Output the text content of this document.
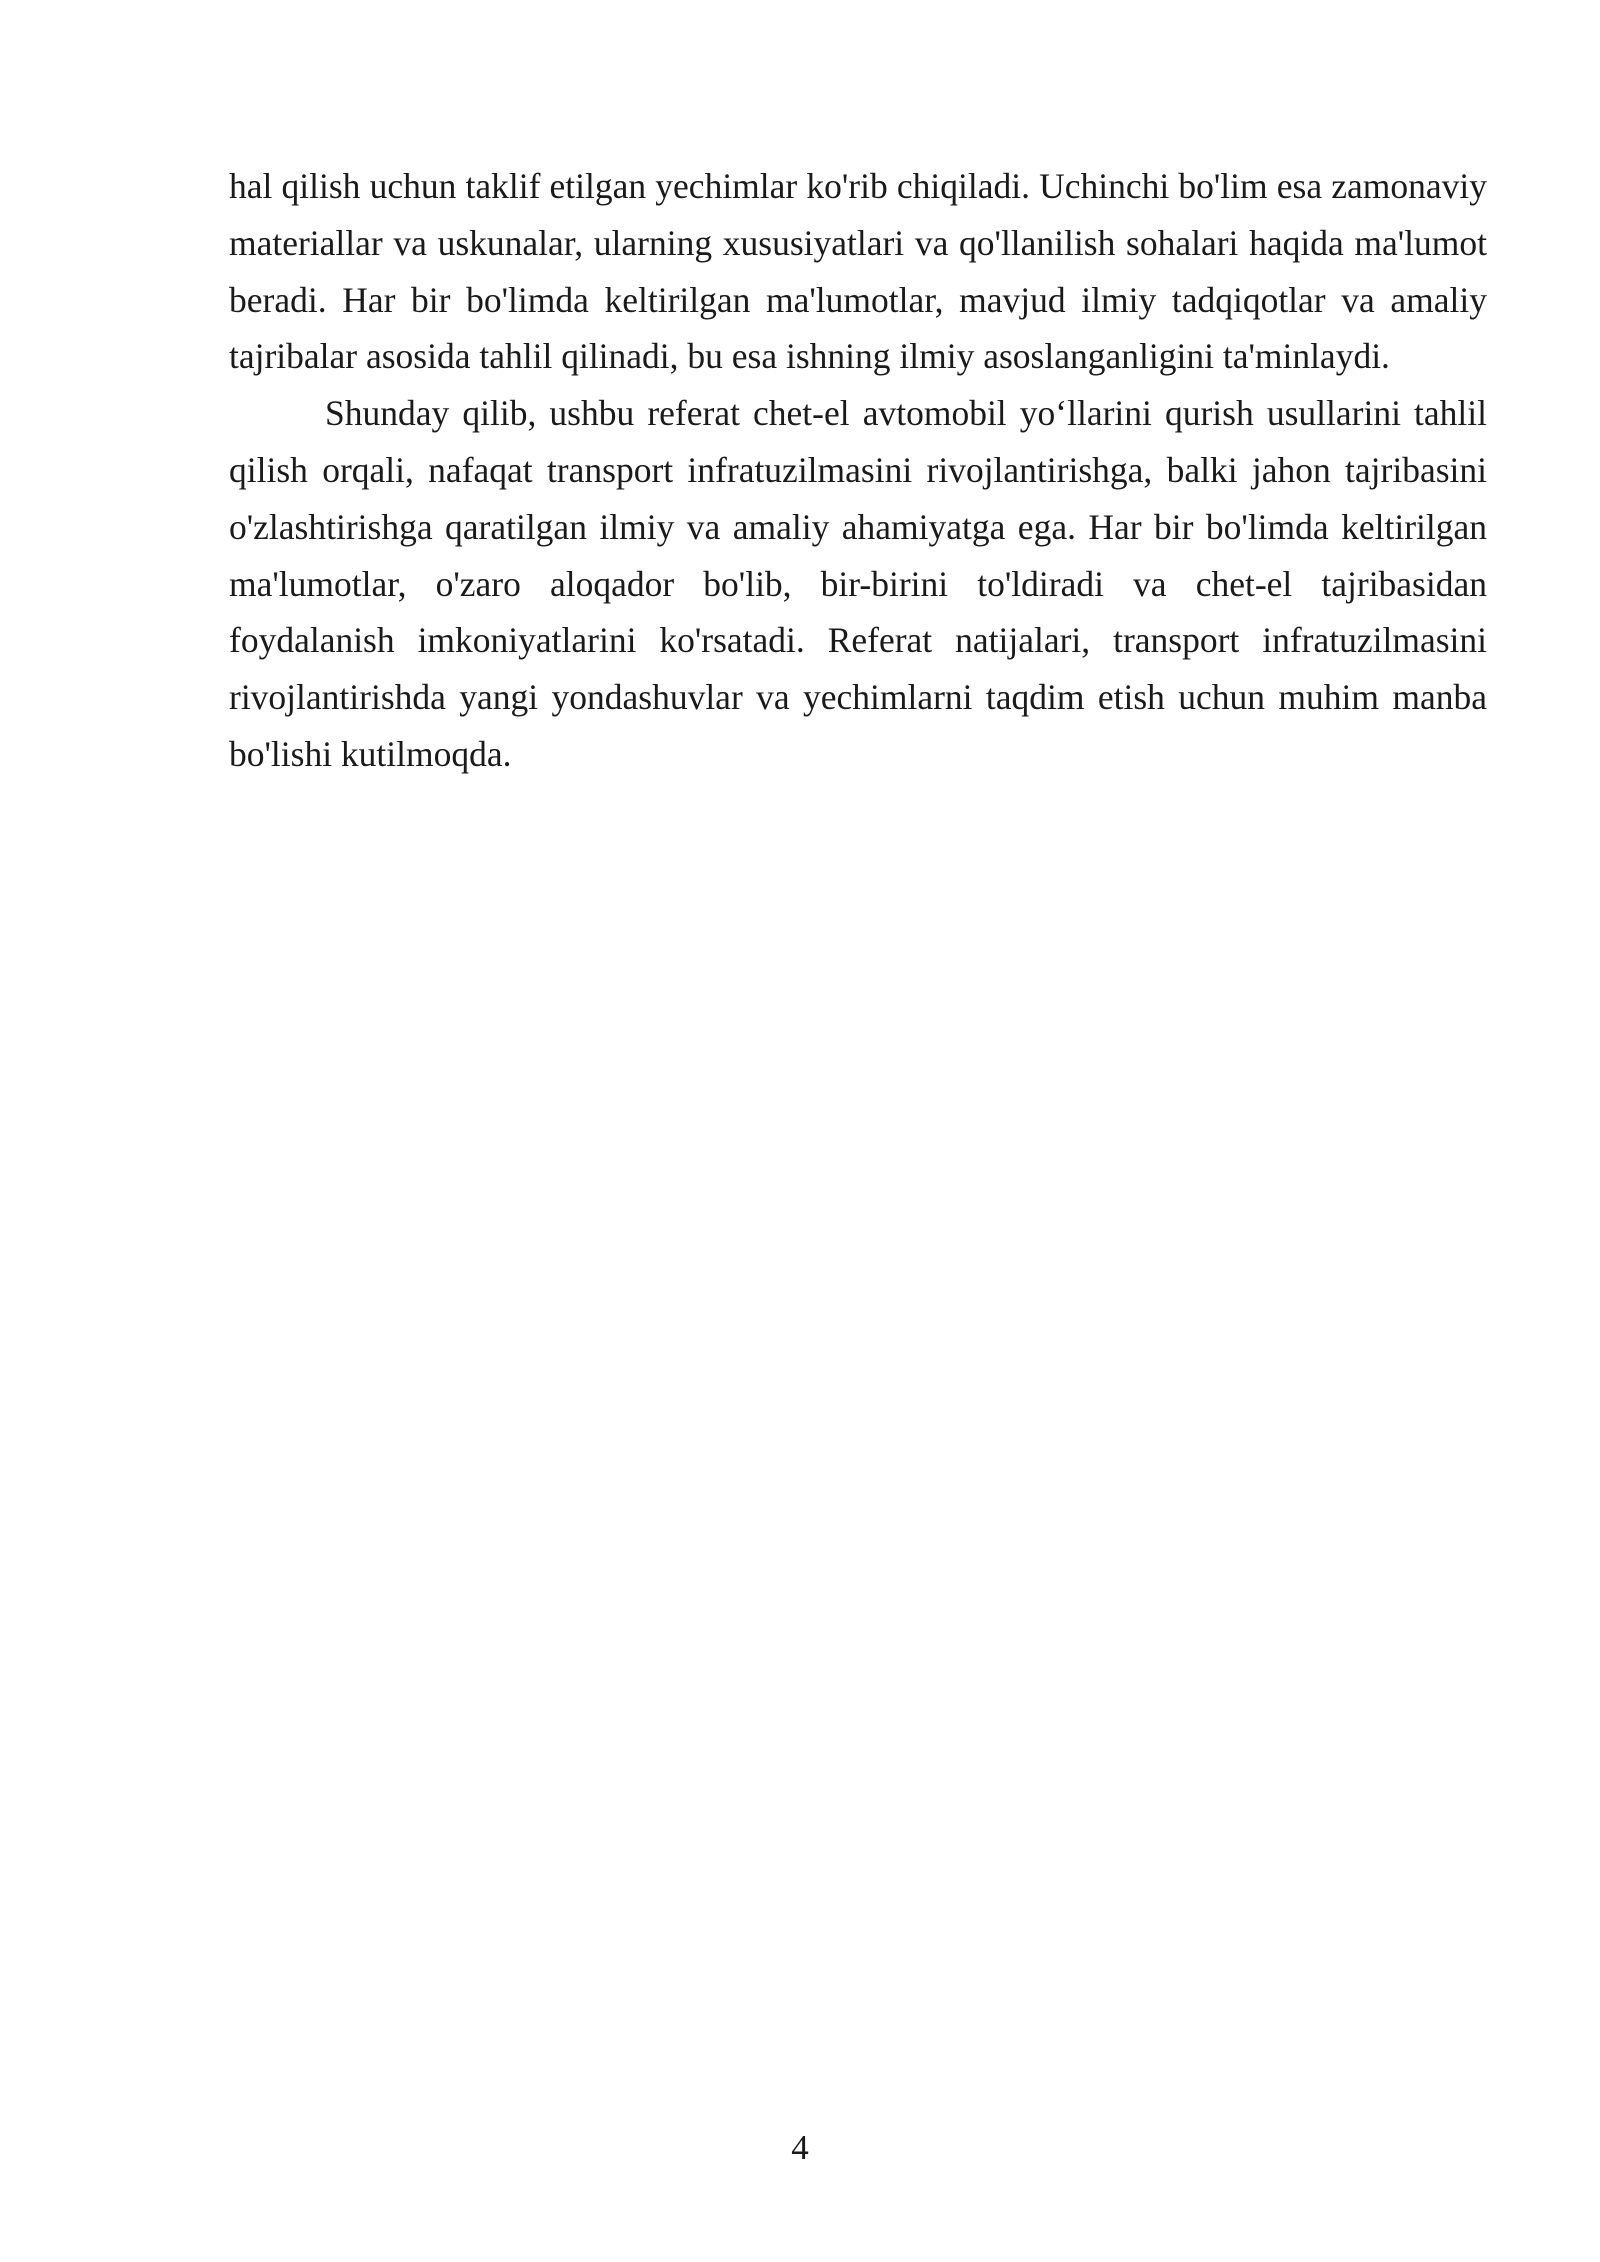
hal qilish uchun taklif etilgan yechimlar ko'rib chiqiladi. Uchinchi bo'lim esa zamonaviy materiallar va uskunalar, ularning xususiyatlari va qo'llanilish sohalari haqida ma'lumot beradi. Har bir bo'limda keltirilgan ma'lumotlar, mavjud ilmiy tadqiqotlar va amaliy tajribalar asosida tahlil qilinadi, bu esa ishning ilmiy asoslanganligini ta'minlaydi.

Shunday qilib, ushbu referat chet-el avtomobil yo‘llarini qurish usullarini tahlil qilish orqali, nafaqat transport infratuzilmasini rivojlantirishga, balki jahon tajribasini o'zlashtirishga qaratilgan ilmiy va amaliy ahamiyatga ega. Har bir bo'limda keltirilgan ma'lumotlar, o'zaro aloqador bo'lib, bir-birini to'ldiradi va chet-el tajribasidan foydalanish imkoniyatlarini ko'rsatadi. Referat natijalari, transport infratuzilmasini rivojlantirishda yangi yondashuvlar va yechimlarni taqdim etish uchun muhim manba bo'lishi kutilmoqda.

4
